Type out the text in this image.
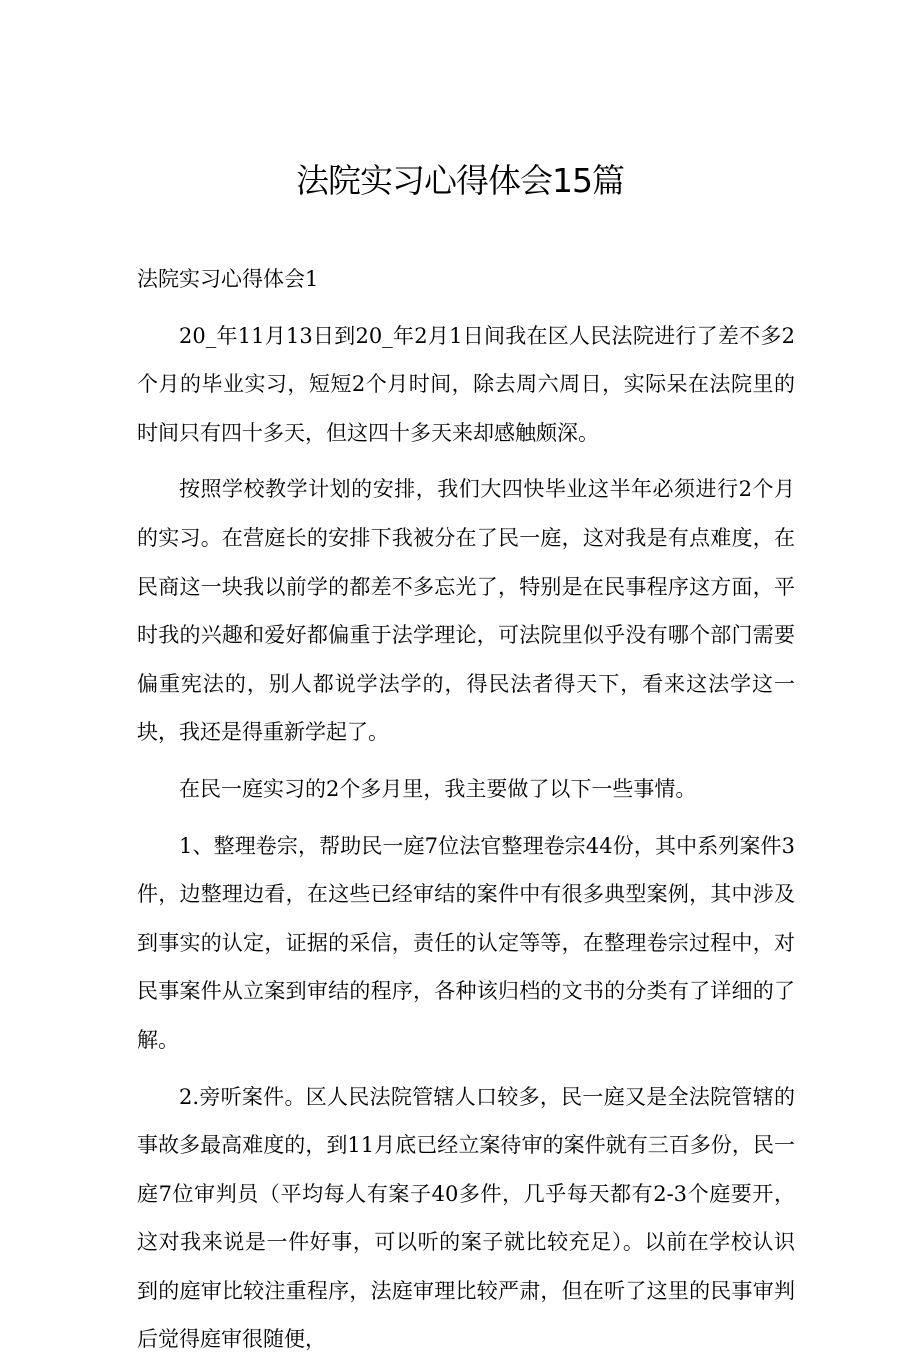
法院实习心得体会15篇

法院实习心得体会1

20_年11月13日到20_年2月1日间我在区人民法院进行了差不多2个月的毕业实习，短短2个月时间，除去周六周日，实际呆在法院里的时间只有四十多天，但这四十多天来却感触颇深。

按照学校教学计划的安排，我们大四快毕业这半年必须进行2个月的实习。在营庭长的安排下我被分在了民一庭，这对我是有点难度，在民商这一块我以前学的都差不多忘光了，特别是在民事程序这方面，平时我的兴趣和爱好都偏重于法学理论，可法院里似乎没有哪个部门需要偏重宪法的，别人都说学法学的，得民法者得天下，看来这法学这一块，我还是得重新学起了。

在民一庭实习的2个多月里，我主要做了以下一些事情。

1、整理卷宗，帮助民一庭7位法官整理卷宗44份，其中系列案件3件，边整理边看，在这些已经审结的案件中有很多典型案例，其中涉及到事实的认定，证据的采信，责任的认定等等，在整理卷宗过程中，对民事案件从立案到审结的程序，各种该归档的文书的分类有了详细的了解。

2.旁听案件。区人民法院管辖人口较多，民一庭又是全法院管辖的事故多最高难度的，到11月底已经立案待审的案件就有三百多份，民一庭7位审判员（平均每人有案子40多件，几乎每天都有2-3个庭要开，这对我来说是一件好事，可以听的案子就比较充足）。以前在学校认识到的庭审比较注重程序，法庭审理比较严肃，但在听了这里的民事审判后觉得庭审很随便，
